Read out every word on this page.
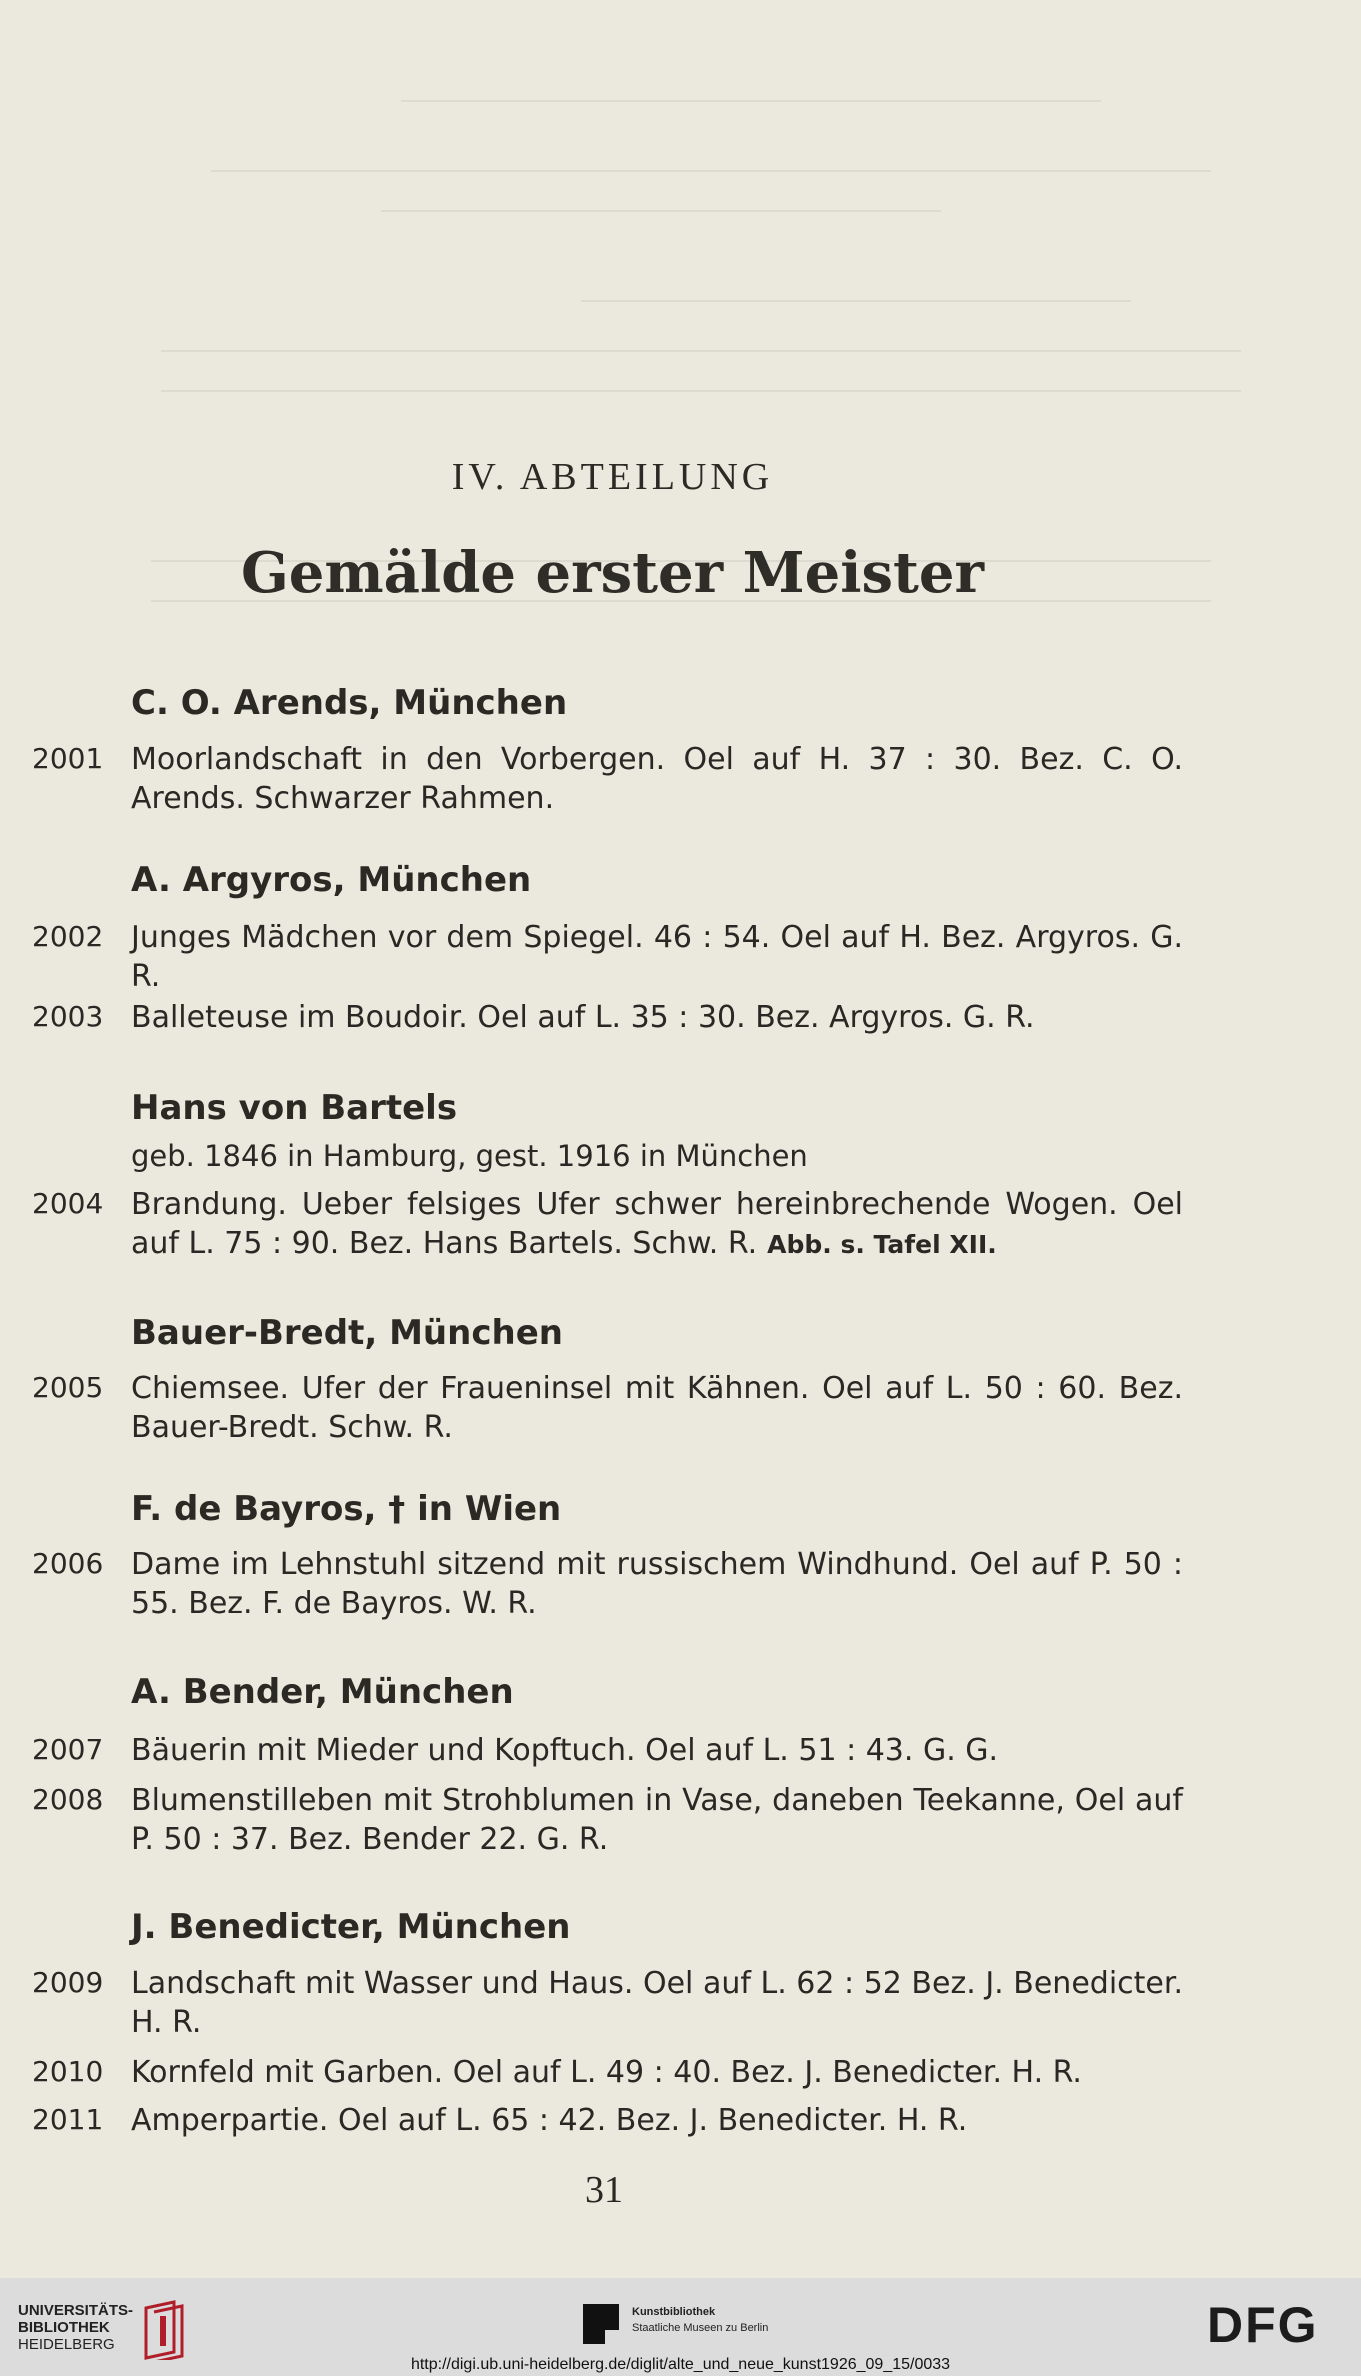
IV. ABTEILUNG
Gemälde erster Meister
C. O. Arends, München
2001 Moorlandschaft in den Vorbergen. Oel auf H. 37 : 30. Bez. C. O. Arends. Schwarzer Rahmen.
A. Argyros, München
2002 Junges Mädchen vor dem Spiegel. 46 : 54. Oel auf H. Bez. Argyros. G. R.
2003 Balleteuse im Boudoir. Oel auf L. 35 : 30. Bez. Argyros. G. R.
Hans von Bartels
geb. 1846 in Hamburg, gest. 1916 in München
2004 Brandung. Ueber felsiges Ufer schwer hereinbrechende Wogen. Oel auf L. 75 : 90. Bez. Hans Bartels. Schw. R. Abb. s. Tafel XII.
Bauer-Bredt, München
2005 Chiemsee. Ufer der Fraueninsel mit Kähnen. Oel auf L. 50 : 60. Bez. Bauer-Bredt. Schw. R.
F. de Bayros, † in Wien
2006 Dame im Lehnstuhl sitzend mit russischem Windhund. Oel auf P. 50 : 55. Bez. F. de Bayros. W. R.
A. Bender, München
2007 Bäuerin mit Mieder und Kopftuch. Oel auf L. 51 : 43. G. G.
2008 Blumenstilleben mit Strohblumen in Vase, daneben Teekanne, Oel auf P. 50 : 37. Bez. Bender 22. G. R.
J. Benedicter, München
2009 Landschaft mit Wasser und Haus. Oel auf L. 62 : 52 Bez. J. Benedicter. H. R.
2010 Kornfeld mit Garben. Oel auf L. 49 : 40. Bez. J. Benedicter. H. R.
2011 Amperpartie. Oel auf L. 65 : 42. Bez. J. Benedicter. H. R.
31
UNIVERSITÄTS-
BIBLIOTHEK
HEIDELBERG
Kunstbibliothek
Staatliche Museen zu Berlin	DFG
http://digi.ub.uni-heidelberg.de/diglit/alte_und_neue_kunst1926_09_15/0033
